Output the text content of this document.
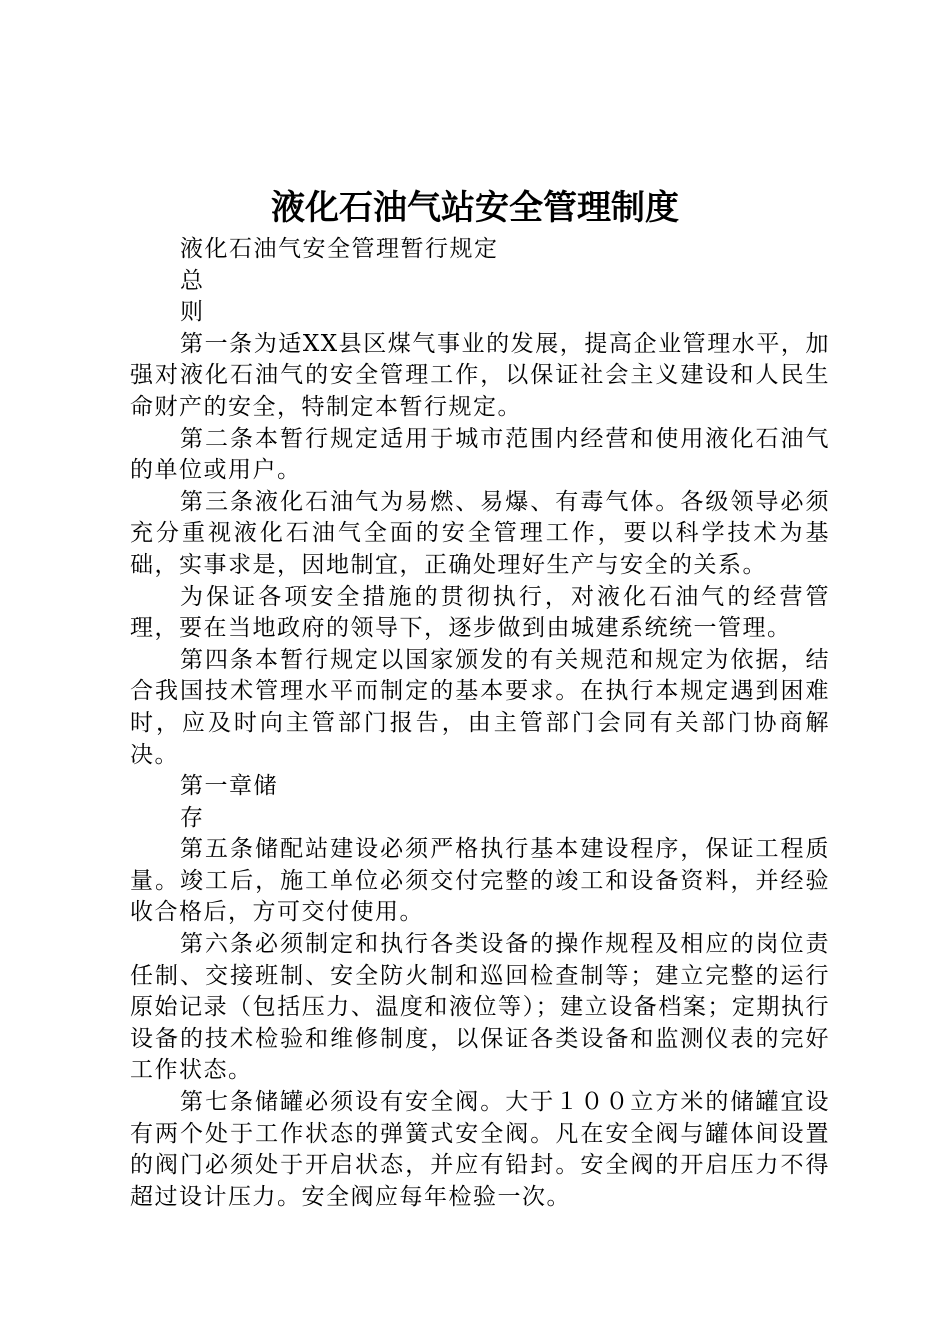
液化石油气站安全管理制度

液化石油气安全管理暂行规定

总

则

第一条为适XX县区煤气事业的发展，提高企业管理水平，加强对液化石油气的安全管理工作，以保证社会主义建设和人民生命财产的安全，特制定本暂行规定。

第二条本暂行规定适用于城市范围内经营和使用液化石油气的单位或用户。

第三条液化石油气为易燃、易爆、有毒气体。各级领导必须充分重视液化石油气全面的安全管理工作，要以科学技术为基础，实事求是，因地制宜，正确处理好生产与安全的关系。

为保证各项安全措施的贯彻执行，对液化石油气的经营管理，要在当地政府的领导下，逐步做到由城建系统统一管理。

第四条本暂行规定以国家颁发的有关规范和规定为依据，结合我国技术管理水平而制定的基本要求。在执行本规定遇到困难时，应及时向主管部门报告，由主管部门会同有关部门协商解决。

第一章储

存

第五条储配站建设必须严格执行基本建设程序，保证工程质量。竣工后，施工单位必须交付完整的竣工和设备资料，并经验收合格后，方可交付使用。

第六条必须制定和执行各类设备的操作规程及相应的岗位责任制、交接班制、安全防火制和巡回检查制等；建立完整的运行原始记录（包括压力、温度和液位等）；建立设备档案；定期执行设备的技术检验和维修制度，以保证各类设备和监测仪表的完好工作状态。

第七条储罐必须设有安全阀。大于１００立方米的储罐宜设有两个处于工作状态的弹簧式安全阀。凡在安全阀与罐体间设置的阀门必须处于开启状态，并应有铅封。安全阀的开启压力不得超过设计压力。安全阀应每年检验一次。
